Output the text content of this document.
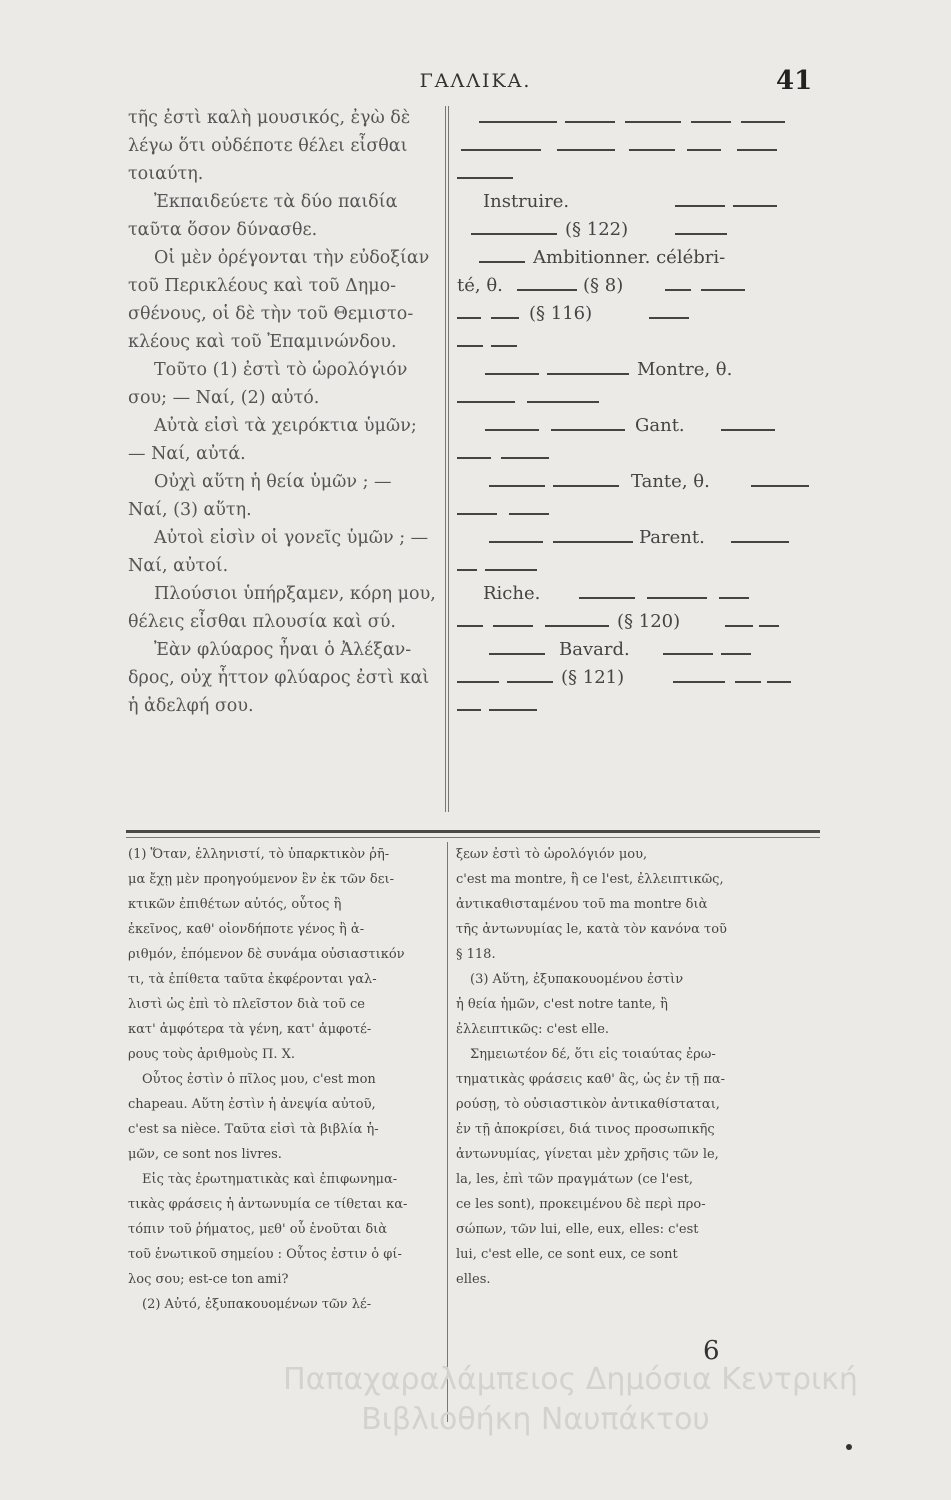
ΓΑΛΛΙΚΑ.	41
τῆς ἐστὶ καλὴ μουσικός, ἐγὼ δὲ
λέγω ὅτι οὐδέποτε θέλει εἶσθαι
τοιαύτη.
Ἐκπαιδεύετε τὰ δύο παιδία
ταῦτα ὅσον δύνασθε.
Οἱ μὲν ὀρέγονται τὴν εὐδοξίαν
τοῦ Περικλέους καὶ τοῦ Δημο-
σθένους, οἱ δὲ τὴν τοῦ Θεμιστο-
κλέους καὶ τοῦ Ἐπαμινώνδου.
Τοῦτο (1) ἐστὶ τὸ ὡρολόγιόν
σου; — Ναί, (2) αὐτό.
Αὐτὰ εἰσὶ τὰ χειρόκτια ὑμῶν;
— Ναί, αὐτά.
Οὐχὶ αὕτη ἡ θεία ὑμῶν ; —
Ναί, (3) αὕτη.
Αὐτοὶ εἰσὶν οἱ γονεῖς ὑμῶν ; —
Ναί, αὐτοί.
Πλούσιοι ὑπήρξαμεν, κόρη μου,
θέλεις εἶσθαι πλουσία καὶ σύ.
Ἐὰν φλύαρος ἦναι ὁ Ἀλέξαν-
δρος, οὐχ ἧττον φλύαρος ἐστὶ καὶ
ἡ ἀδελφή σου.
Instruire.
(§ 122)
Ambitionner. célébri-
té, θ.	(§ 8)
(§ 116)
Montre, θ.
Gant.
Tante, θ.
Parent.
Riche.
(§ 120)
Bavard.
(§ 121)
(1) Ὅταν, ἑλληνιστί, τὸ ὑπαρκτικὸν ῥῆ-
μα ἔχῃ μὲν προηγούμενον ἓν ἐκ τῶν δει-
κτικῶν ἐπιθέτων αὐτός, οὗτος ἢ
ἐκεῖνος, καθ' οἱονδήποτε γένος ἢ ἀ-
ριθμόν, ἑπόμενον δὲ συνάμα οὐσιαστικόν
τι, τὰ ἐπίθετα ταῦτα ἐκφέρονται γαλ-
λιστὶ ὡς ἐπὶ τὸ πλεῖστον διὰ τοῦ ce
κατ' ἀμφότερα τὰ γένη, κατ' ἀμφοτέ-
ρους τοὺς ἀριθμοὺς Π. Χ.
Οὗτος ἐστὶν ὁ πῖλος μου, c'est mon
chapeau. Αὕτη ἐστὶν ἡ ἀνεψία αὐτοῦ,
c'est sa nièce. Ταῦτα εἰσὶ τὰ βιβλία ἡ-
μῶν, ce sont nos livres.
Εἰς τὰς ἐρωτηματικὰς καὶ ἐπιφωνημα-
τικὰς φράσεις ἡ ἀντωνυμία ce τίθεται κα-
τόπιν τοῦ ῥήματος, μεθ' οὗ ἑνοῦται διὰ
τοῦ ἑνωτικοῦ σημείου : Οὗτος ἐστιν ὁ φί-
λος σου; est-ce ton ami?
(2) Αὐτό, ἐξυπακουομένων τῶν λέ-
ξεων ἐστὶ τὸ ὡρολόγιόν μου,
c'est ma montre, ἢ ce l'est, ἐλλειπτικῶς,
ἀντικαθισταμένου τοῦ ma montre διὰ
τῆς ἀντωνυμίας le, κατὰ τὸν κανόνα τοῦ
§ 118.
(3) Αὕτη, ἐξυπακουομένου ἐστὶν
ἡ θεία ἡμῶν, c'est notre tante, ἢ
ἐλλειπτικῶς: c'est elle.
Σημειωτέον δέ, ὅτι εἰς τοιαύτας ἐρω-
τηματικὰς φράσεις καθ' ἃς, ὡς ἐν τῇ πα-
ρούσῃ, τὸ οὐσιαστικὸν ἀντικαθίσταται,
ἐν τῇ ἀποκρίσει, διά τινος προσωπικῆς
ἀντωνυμίας, γίνεται μὲν χρῆσις τῶν le,
la, les, ἐπὶ τῶν πραγμάτων (ce l'est,
ce les sont), προκειμένου δὲ περὶ προ-
σώπων, τῶν lui, elle, eux, elles: c'est
lui, c'est elle, ce sont eux, ce sont
elles.
6
Παπαχαραλάμπειος Δημόσια Κεντρική
Βιβλιοθήκη Ναυπάκτου
